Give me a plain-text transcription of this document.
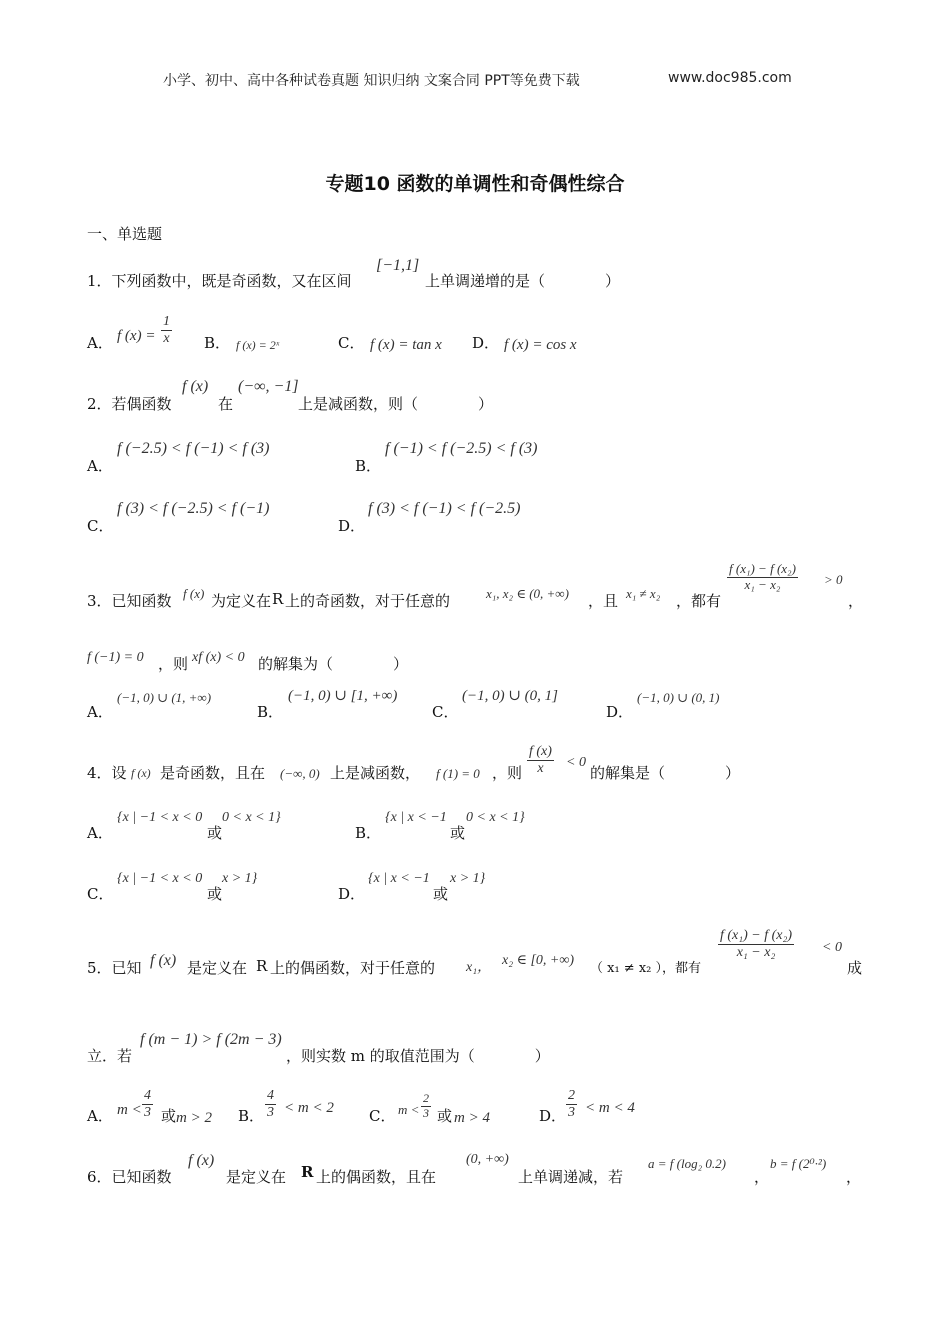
小学、初中、高中各种试卷真题 知识归纳 文案合同 PPT等免费下载	www.doc985.com
专题10 函数的单调性和奇偶性综合
一、单选题
1．下列函数中，既是奇函数，又在区间
[−1,1]
上单调递增的是（　　　　）
A． f $(x) = \frac{1}{x}$ B． f (x) = 2ˣ	C． f (x) = tan x D． f (x) = cos x
2．若偶函数
f (x)
在
(−∞, −1]
上是减函数，则（　　　　）
A．
f (−2.5) < f (−1) < f (3)
B．
f (−1) < f (−2.5) < f (3)
C．
f (3) < f (−2.5) < f (−1)
D．
f (3) < f (−1) < f (−2.5)
3．已知函数 f (x) 为定义在 R 上的奇函数，对于任意的	x₁, x₂ ∈ (0, +∞) ，且 x₁ ≠ x₂ ，都有
$\frac{\text{f (x₁) − f (x₂)}}{\text{x₁ − x₂}} > 0$
，
f (−1) = 0 ，则 xf (x) < 0 的解集为（　　　　）
A．
(−1, 0) ∪ (1, +∞)
B．
(−1, 0) ∪ [1, +∞)
C．
(−1, 0) ∪ (0, 1]
D．
(−1, 0) ∪ (0, 1)
4．设 f (x) 是奇函数，且在 (−∞, 0) 上是减函数， f (1) = 0 ，则 $\frac{f (x)}{x} < 0$
的解集是（　　　　）
A．
{x | −1 < x < 0
或
0 < x < 1}
B．
{x | x < −1
或
0 < x < 1}
C．
{x | −1 < x < 0
或
x > 1}
D．
{x | x < −1
或
x > 1}
5．已知 f (x) 是定义在 R 上的偶函数，对于任意的 x₁， x₂ ∈ [0, +∞)
（ x₁ ≠ x₂ ），都有
$\frac{\text{f (x₁) − f (x₂)}}{\text{x₁ − x₂}} < 0$
成
立．若
f (m − 1) > f (2m − 3)
，则实数 m 的取值范围为（　　　　）
A． $m < \frac{4}{3}$ 或 m > 2 B． $\frac{4}{3} < m < 2$ C． $m < \frac{2}{3}$ 或 m > 4	D． $\frac{2}{3} < m < 4$
6．已知函数
f (x)
是定义在 R 上的偶函数，且在
(0, +∞)
上单调递减，若
a = f (log₂ 0.2)
，
b = f (2⁰·²)
，
